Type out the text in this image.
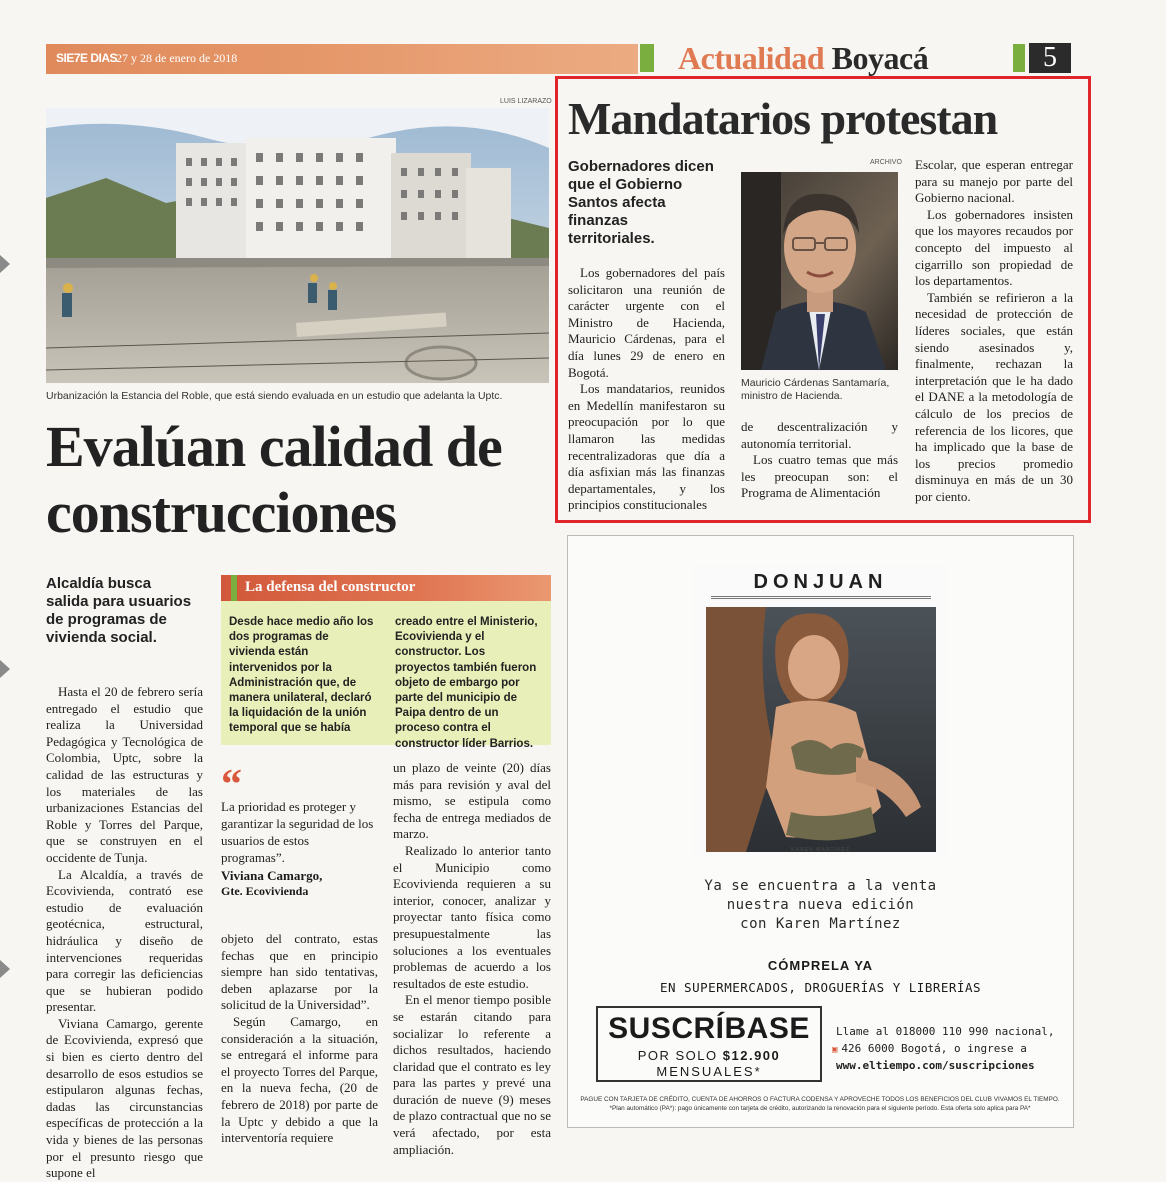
SIE7E DIAS
27 y 28 de enero de 2018	Actualidad Boyacá	5
LUIS LIZARAZO
Urbanización la Estancia del Roble, que está siendo evaluada en un estudio que adelanta la Uptc.
Evalúan calidad de construcciones
Alcaldía busca salida para usuarios de programas de vivienda social.

Hasta el 20 de febrero sería entregado el estudio que realiza la Universidad Pedagógica y Tecnológica de Colombia, Uptc, sobre la calidad de las estructuras y los materiales de las urbanizaciones Estancias del Roble y Torres del Parque, que se construyen en el occidente de Tunja.

La Alcaldía, a través de Ecovivienda, contrató ese estudio de evaluación geotécnica, estructural, hidráulica y diseño de intervenciones requeridas para corregir las deficiencias que se hubieran podido presentar.

Viviana Camargo, gerente de Ecovivienda, expresó que si bien es cierto dentro del desarrollo de esos estudios se estipularon algunas fechas, dadas las circunstancias específicas de protección a la vida y bienes de las personas por el presunto riesgo que supone el

La defensa del constructor
Desde hace medio año los dos programas de vivienda están intervenidos por la Administración que, de manera unilateral, declaró la liquidación de la unión temporal que se había
creado entre el Ministerio, Ecovivienda y el constructor. Los proyectos también fueron objeto de embargo por parte del municipio de Paipa dentro de un proceso contra el constructor líder Barrios.
“
La prioridad es proteger y garantizar la seguridad de los usuarios de estos programas”.
Viviana Camargo,
Gte. Ecovivienda

objeto del contrato, estas fechas que en principio siempre han sido tentativas, deben aplazarse por la solicitud de la Universidad”.

Según Camargo, en consideración a la situación, se entregará el informe para el proyecto Torres del Parque, en la nueva fecha, (20 de febrero de 2018) por parte de la Uptc y debido a que la interventoría requiere

un plazo de veinte (20) días más para revisión y aval del mismo, se estipula como fecha de entrega mediados de marzo.

Realizado lo anterior tanto el Municipio como Ecovivienda requieren a su interior, conocer, analizar y proyectar tanto física como presupuestalmente las soluciones a los eventuales problemas de acuerdo a los resultados de este estudio.

En el menor tiempo posible se estarán citando para socializar lo referente a dichos resultados, haciendo claridad que el contrato es ley para las partes y prevé una duración de nueve (9) meses de plazo contractual que no se verá afectado, por esta ampliación.

Mandatarios protestan
Gobernadores dicen que el Gobierno Santos afecta finanzas territoriales.
ARCHIVO
Mauricio Cárdenas Santamaría, ministro de Hacienda.

Los gobernadores del país solicitaron una reunión de carácter urgente con el Ministro de Hacienda, Mauricio Cárdenas, para el día lunes 29 de enero en Bogotá.

Los mandatarios, reunidos en Medellín manifestaron su preocupación por lo que llamaron las medidas recentralizadoras que día a día asfixian más las finanzas departamentales, y los principios constitucionales

de descentralización y autonomía territorial.

Los cuatro temas que más les preocupan son: el Programa de Alimentación

Escolar, que esperan entregar para su manejo por parte del Gobierno nacional.

Los gobernadores insisten que los mayores recaudos por concepto del impuesto al cigarrillo son propiedad de los departamentos.

También se refirieron a la necesidad de protección de líderes sociales, que están siendo asesinados y, finalmente, rechazan la interpretación que le ha dado el DANE a la metodología de cálculo de los precios de referencia de los licores, que ha implicado que la base de los precios promedio disminuya en más de un 30 por ciento.

DONJUAN
KAREN MARTÍNEZ
Ya se encuentra a la venta
nuestra nueva edición
con Karen Martínez
CÓMPRELA YA
EN SUPERMERCADOS, DROGUERÍAS Y LIBRERÍAS
SUSCRÍBASE
POR SOLO $12.900
MENSUALES*
Llame al 018000 110 990 nacional,
▣ 426 6000 Bogotá, o ingrese a
www.eltiempo.com/suscripciones
PAGUE CON TARJETA DE CRÉDITO, CUENTA DE AHORROS O FACTURA CODENSA Y APROVECHE TODOS LOS BENEFICIOS DEL CLUB VIVAMOS EL TIEMPO.
*Plan automático (PA*): pago únicamente con tarjeta de crédito, autorizando la renovación para el siguiente período. Esta oferta solo aplica para PA*
